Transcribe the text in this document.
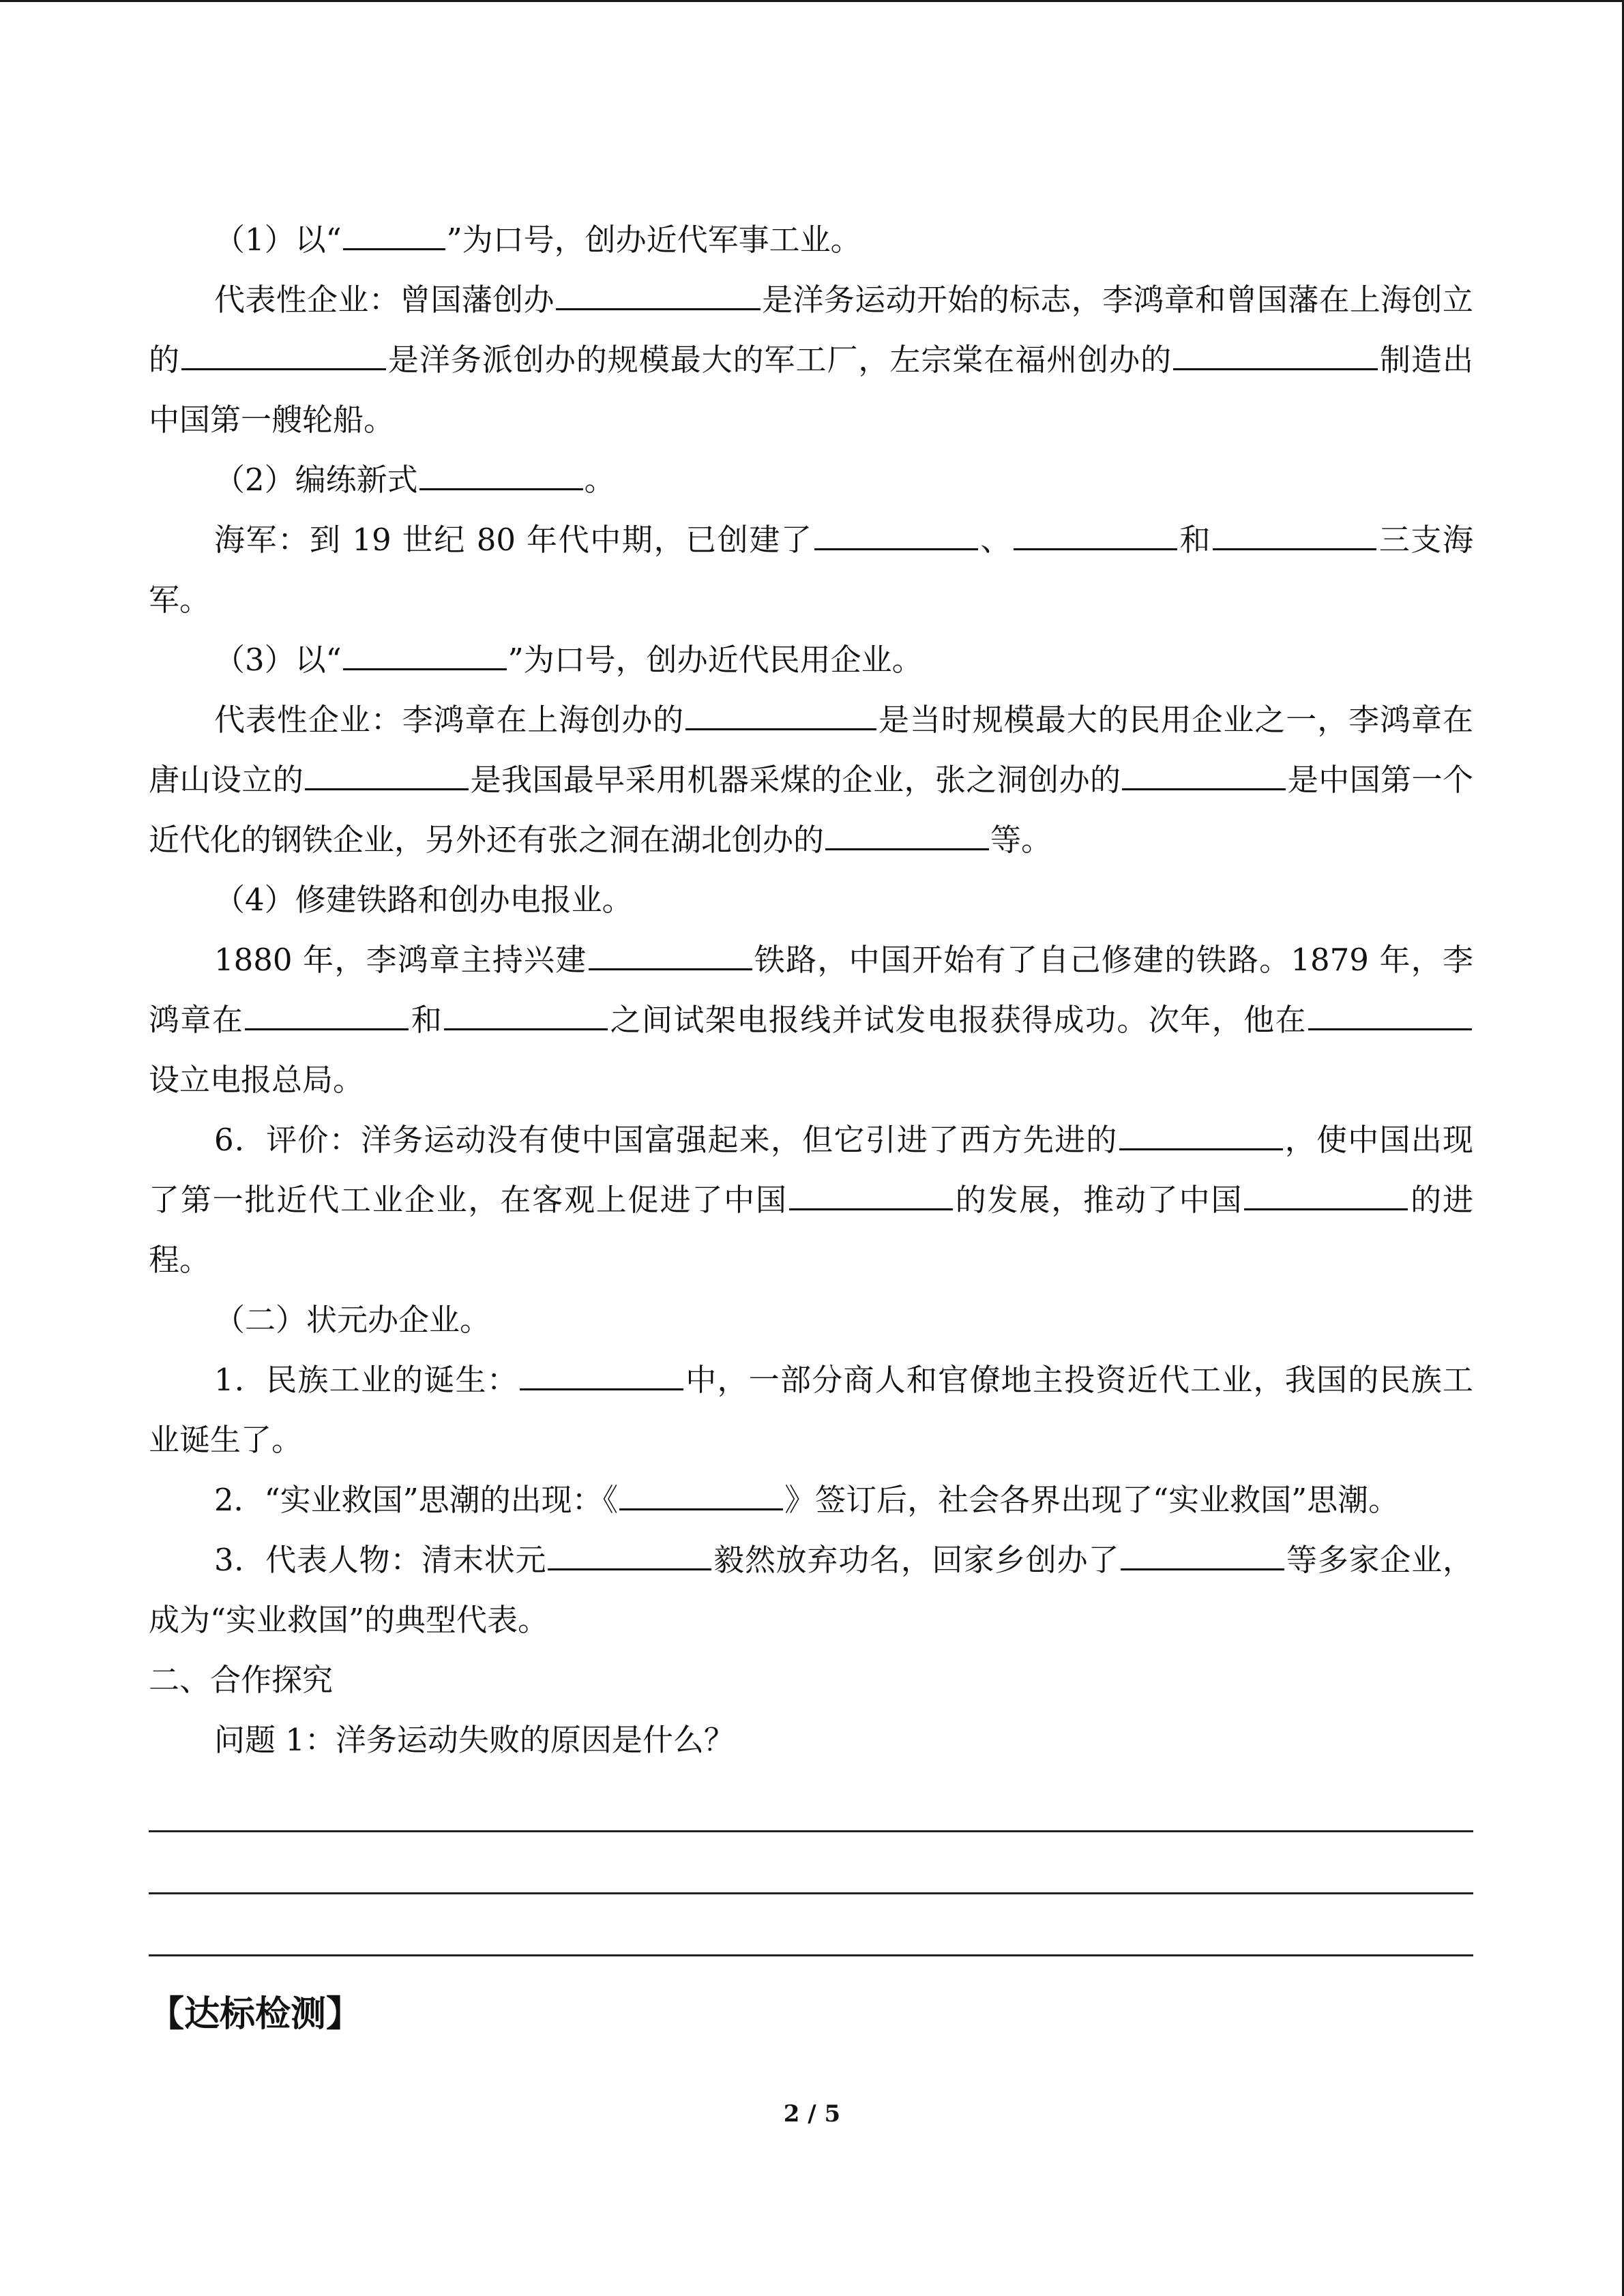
（1）以“	”为口号，创办近代军事工业。

代表性企业：曾国藩创办	是洋务运动开始的标志，李鸿章和曾国藩在上海创立的	是洋务派创办的规模最大的军工厂，左宗棠在福州创办的	制造出中国第一艘轮船。

（2）编练新式	。

海军：到 19 世纪 80 年代中期，已创建了	、	和	三支海军。

（3）以“	”为口号，创办近代民用企业。

代表性企业：李鸿章在上海创办的	是当时规模最大的民用企业之一，李鸿章在唐山设立的	是我国最早采用机器采煤的企业，张之洞创办的	是中国第一个近代化的钢铁企业，另外还有张之洞在湖北创办的	等。

（4）修建铁路和创办电报业。

1880 年，李鸿章主持兴建	铁路，中国开始有了自己修建的铁路。1879 年，李鸿章在	和	之间试架电报线并试发电报获得成功。次年，他在设立电报总局。

6．评价：洋务运动没有使中国富强起来，但它引进了西方先进的	，使中国出现了第一批近代工业企业，在客观上促进了中国	的发展，推动了中国	的进程。

（二）状元办企业。

1．民族工业的诞生：	中，一部分商人和官僚地主投资近代工业，我国的民族工业诞生了。

2．“实业救国”思潮的出现：《	》签订后，社会各界出现了“实业救国”思潮。

3．代表人物：清末状元	毅然放弃功名，回家乡创办了	等多家企业，成为“实业救国”的典型代表。

二、合作探究

问题 1：洋务运动失败的原因是什么？

【达标检测】
2 / 5
